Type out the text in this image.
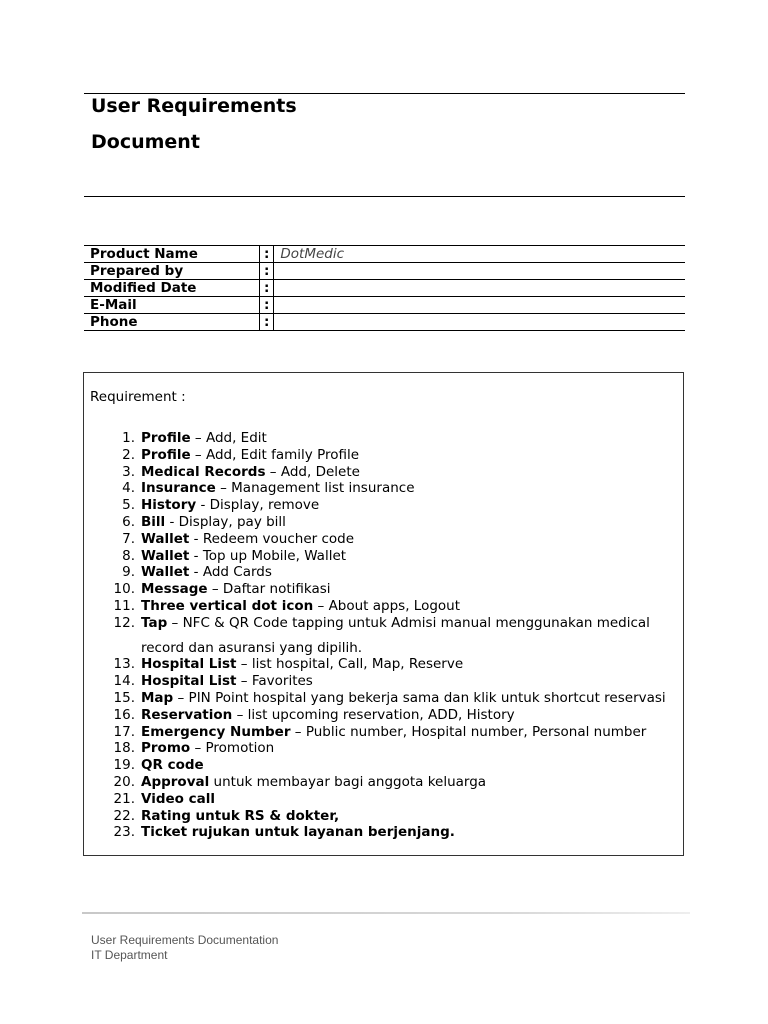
User Requirements
Document
Product Name	:	DotMedic
Prepared by	:	
Modified Date	:	
E-Mail	:	
Phone	:	
Requirement :
1. Profile – Add, Edit
2. Profile – Add, Edit family Profile
3. Medical Records – Add, Delete
4. Insurance – Management list insurance
5. History - Display, remove
6. Bill - Display, pay bill
7. Wallet - Redeem voucher code
8. Wallet - Top up Mobile, Wallet
9. Wallet - Add Cards
10. Message – Daftar notifikasi
11. Three vertical dot icon – About apps, Logout
12. Tap – NFC & QR Code tapping untuk Admisi manual menggunakan medical
record dan asuransi yang dipilih.
13. Hospital List – list hospital, Call, Map, Reserve
14. Hospital List – Favorites
15. Map – PIN Point hospital yang bekerja sama dan klik untuk shortcut reservasi
16. Reservation – list upcoming reservation, ADD, History
17. Emergency Number – Public number, Hospital number, Personal number
18. Promo – Promotion
19. QR code
20. Approval untuk membayar bagi anggota keluarga
21. Video call
22. Rating untuk RS & dokter,
23. Ticket rujukan untuk layanan berjenjang.
User Requirements Documentation
IT Department
